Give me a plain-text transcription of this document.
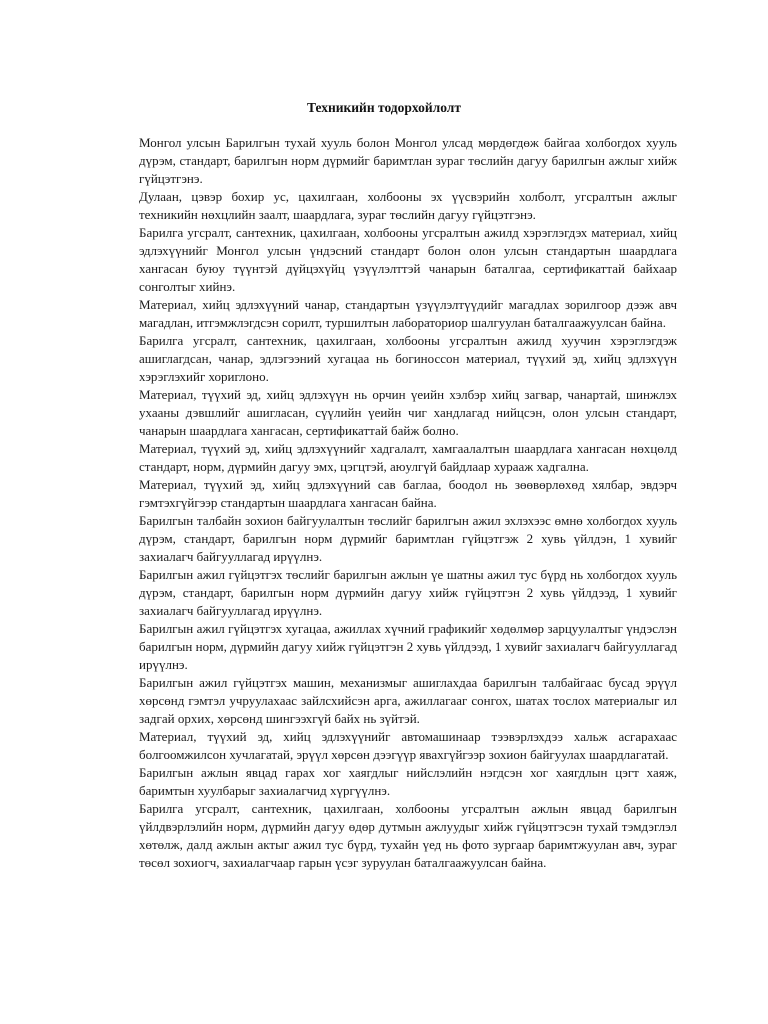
Техникийн тодорхойлолт

Монгол улсын Барилгын тухай хууль болон Монгол улсад мөрдөгдөж байгаа холбогдох хууль дүрэм, стандарт, барилгын норм дүрмийг баримтлан зураг төслийн дагуу барилгын ажлыг хийж гүйцэтгэнэ.

Дулаан, цэвэр бохир ус, цахилгаан, холбооны эх үүсвэрийн холболт, угсралтын ажлыг техникийн нөхцлийн заалт, шаардлага, зураг төслийн дагуу гүйцэтгэнэ.

Барилга угсралт, сантехник, цахилгаан, холбооны угсралтын ажилд хэрэглэгдэх материал, хийц эдлэхүүнийг Монгол улсын үндэсний стандарт болон олон улсын стандартын шаардлага хангасан буюу түүнтэй дүйцэхүйц үзүүлэлттэй чанарын баталгаа, сертификаттай байхаар сонголтыг хийнэ.

Материал, хийц эдлэхүүний чанар, стандартын үзүүлэлтүүдийг магадлах зорилгоор дээж авч магадлан, итгэмжлэгдсэн сорилт, туршилтын лабораториор шалгуулан баталгаажуулсан байна.

Барилга угсралт, сантехник, цахилгаан, холбооны угсралтын ажилд хуучин хэрэглэгдэж ашиглагдсан, чанар, эдлэгээний хугацаа нь богиноссон материал, түүхий эд, хийц эдлэхүүн хэрэглэхийг хориглоно.

Материал, түүхий эд, хийц эдлэхүүн нь орчин үеийн хэлбэр хийц загвар, чанартай, шинжлэх ухааны дэвшлийг ашигласан, сүүлийн үеийн чиг хандлагад нийцсэн, олон улсын стандарт, чанарын шаардлага хангасан, сертификаттай байж болно.

Материал, түүхий эд, хийц эдлэхүүнийг хадгалалт, хамгаалалтын шаардлага хангасан нөхцөлд стандарт, норм, дүрмийн дагуу эмх, цэгцтэй, аюулгүй байдлаар хурааж хадгална.

Материал, түүхий эд, хийц эдлэхүүний сав баглаа, боодол нь зөөвөрлөхөд хялбар, эвдэрч гэмтэхгүйгээр стандартын шаардлага хангасан байна.

Барилгын талбайн зохион байгуулалтын төслийг барилгын ажил эхлэхээс өмнө холбогдох хууль дүрэм, стандарт, барилгын норм дүрмийг баримтлан гүйцэтгэж 2 хувь үйлдэн, 1 хувийг захиалагч байгууллагад ирүүлнэ.

Барилгын ажил гүйцэтгэх төслийг барилгын ажлын үе шатны ажил тус бүрд нь холбогдох хууль дүрэм, стандарт, барилгын норм дүрмийн дагуу хийж гүйцэтгэн 2 хувь үйлдээд, 1 хувийг захиалагч байгууллагад ирүүлнэ.

Барилгын ажил гүйцэтгэх хугацаа, ажиллах хүчний графикийг хөдөлмөр зарцуулалтыг үндэслэн барилгын норм, дүрмийн дагуу хийж гүйцэтгэн 2 хувь үйлдээд, 1 хувийг захиалагч байгууллагад ирүүлнэ.

Барилгын ажил гүйцэтгэх машин, механизмыг ашиглахдаа барилгын талбайгаас бусад эрүүл хөрсөнд гэмтэл учруулахаас зайлсхийсэн арга, ажиллагааг сонгох, шатах тослох материалыг ил задгай орхих, хөрсөнд шингээхгүй байх нь зүйтэй.

Материал, түүхий эд, хийц эдлэхүүнийг автомашинаар тээвэрлэхдээ хальж асгарахаас болгоомжилсон хучлагатай, эрүүл хөрсөн дээгүүр явахгүйгээр зохион байгуулах шаардлагатай.

Барилгын ажлын явцад гарах хог хаягдлыг нийслэлийн нэгдсэн хог хаягдлын цэгт хаяж, баримтын хуулбарыг захиалагчид хүргүүлнэ.

Барилга угсралт, сантехник, цахилгаан, холбооны угсралтын ажлын явцад барилгын үйлдвэрлэлийн норм, дүрмийн дагуу өдөр дутмын ажлуудыг хийж гүйцэтгэсэн тухай тэмдэглэл хөтөлж, далд ажлын актыг ажил тус бүрд, тухайн үед нь фото зургаар баримтжуулан авч, зураг төсөл зохиогч, захиалагчаар гарын үсэг зуруулан баталгаажуулсан байна.
